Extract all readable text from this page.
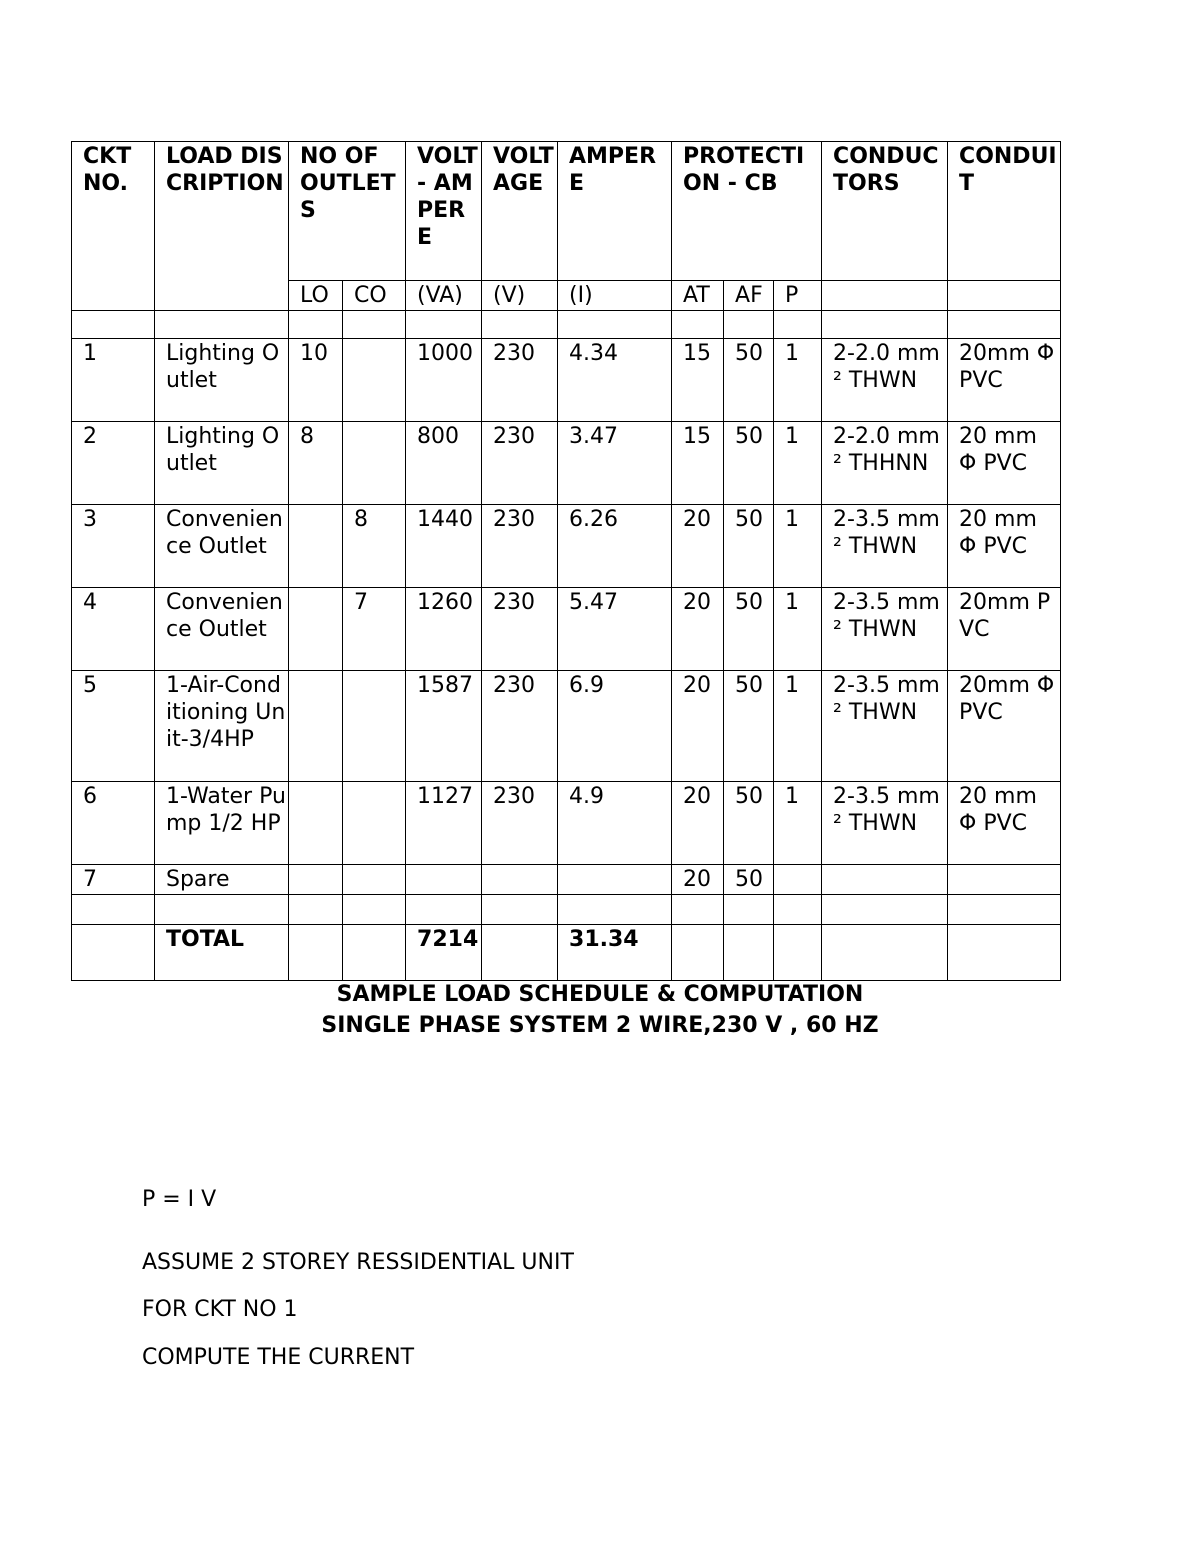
CKT NO.	LOAD DISCRIPTION	NO OF OUTLETS		VOLT - AMPERE	VOLTAGE	AMPERE	PROTECTION - CB			CONDUCTORS	CONDUIT
		LO	CO	(VA)	(V)	(I)	AT	AF	P		

1	Lighting Outlet	10		1000	230	4.34	15	50	1	2-2.0 mm² THWN	20mm Φ PVC
2	Lighting Outlet	8		800	230	3.47	15	50	1	2-2.0 mm² THHNN	20 mm Φ PVC
3	Convenience Outlet		8	1440	230	6.26	20	50	1	2-3.5 mm² THWN	20 mm Φ PVC
4	Convenience Outlet		7	1260	230	5.47	20	50	1	2-3.5 mm² THWN	20mm PVC
5	1-Air-Conditioning Unit-3/4HP			1587	230	6.9	20	50	1	2-3.5 mm² THWN	20mm Φ PVC
6	1-Water Pump 1/2 HP			1127	230	4.9	20	50	1	2-3.5 mm² THWN	20 mm Φ PVC
7	Spare						20	50			

	TOTAL			7214		31.34					
SAMPLE LOAD SCHEDULE & COMPUTATION
SINGLE PHASE SYSTEM 2 WIRE,230 V , 60 HZ
P = I V
ASSUME 2 STOREY RESSIDENTIAL UNIT
FOR CKT NO 1
COMPUTE THE CURRENT
